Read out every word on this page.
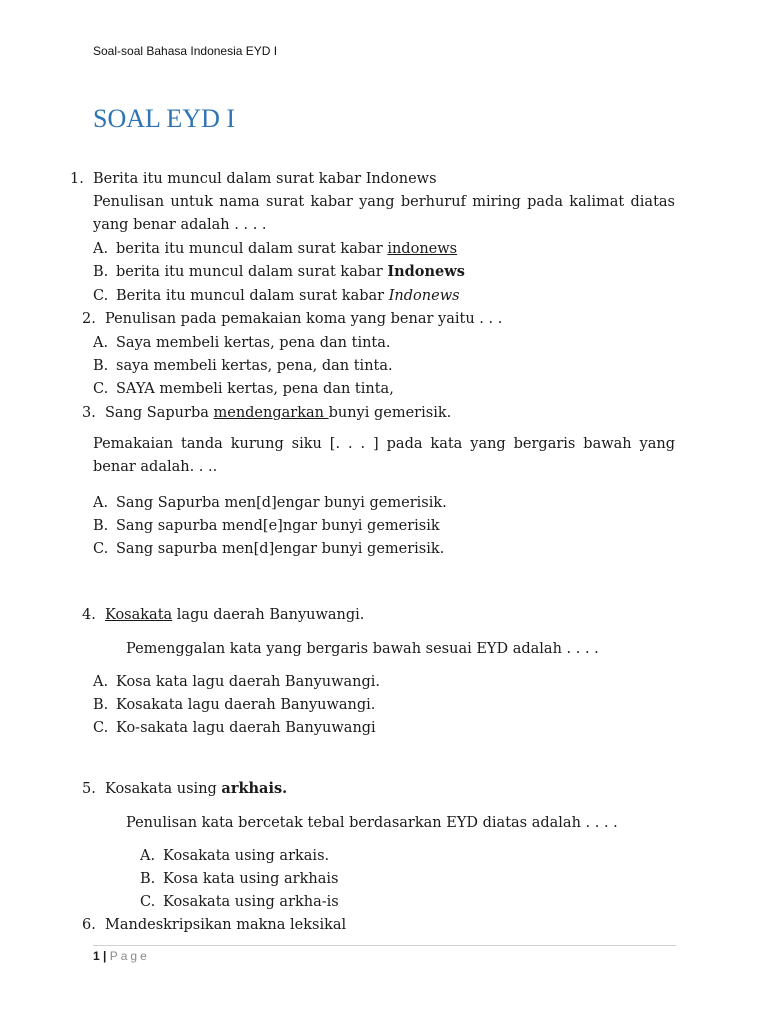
Soal-soal Bahasa Indonesia EYD I
SOAL EYD I
1. Berita itu muncul dalam surat kabar Indonews
Penulisan untuk nama surat kabar yang berhuruf miring pada kalimat diatas yang benar adalah . . . .
A. berita itu muncul dalam surat kabar indonews
B. berita itu muncul dalam surat kabar Indonews
C. Berita itu muncul dalam surat kabar Indonews
2. Penulisan pada pemakaian koma yang benar yaitu . . .
A. Saya membeli kertas, pena dan tinta.
B. saya membeli kertas, pena, dan tinta.
C. SAYA membeli kertas, pena dan tinta,
3. Sang Sapurba mendengarkan bunyi gemerisik.
Pemakaian tanda kurung siku [. . . ] pada kata yang bergaris bawah yang benar adalah. . ..
A. Sang Sapurba men[d]engar bunyi gemerisik.
B. Sang sapurba mend[e]ngar bunyi gemerisik
C. Sang sapurba men[d]engar bunyi gemerisik.
4. Kosakata lagu daerah Banyuwangi.
Pemenggalan kata yang bergaris bawah sesuai EYD adalah . . . .
A. Kosa kata lagu daerah Banyuwangi.
B. Kosakata lagu daerah Banyuwangi.
C. Ko-sakata lagu daerah Banyuwangi
5. Kosakata using arkhais.
Penulisan kata bercetak tebal berdasarkan EYD diatas adalah . . . .
A. Kosakata using arkais.
B. Kosa kata using arkhais
C. Kosakata using arkha-is
6. Mandeskripsikan makna leksikal
1 | Page
